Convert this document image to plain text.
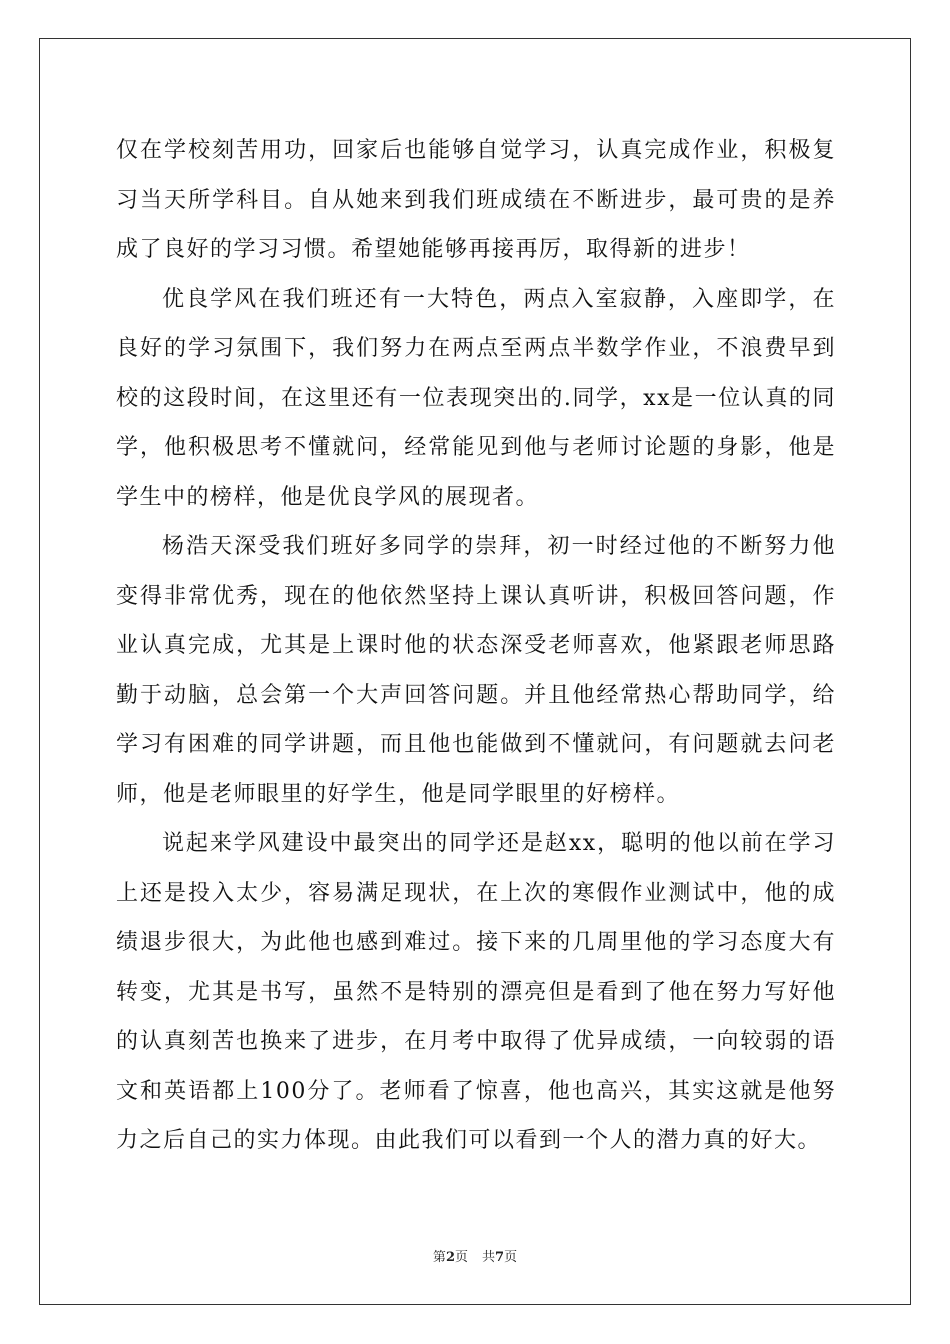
仅在学校刻苦用功，回家后也能够自觉学习，认真完成作业，积极复习当天所学科目。自从她来到我们班成绩在不断进步，最可贵的是养成了良好的学习习惯。希望她能够再接再厉，取得新的进步！

优良学风在我们班还有一大特色，两点入室寂静，入座即学，在良好的学习氛围下，我们努力在两点至两点半数学作业，不浪费早到校的这段时间，在这里还有一位表现突出的.同学，xx是一位认真的同学，他积极思考不懂就问，经常能见到他与老师讨论题的身影，他是学生中的榜样，他是优良学风的展现者。

杨浩天深受我们班好多同学的崇拜，初一时经过他的不断努力他变得非常优秀，现在的他依然坚持上课认真听讲，积极回答问题，作业认真完成，尤其是上课时他的状态深受老师喜欢，他紧跟老师思路勤于动脑，总会第一个大声回答问题。并且他经常热心帮助同学，给学习有困难的同学讲题，而且他也能做到不懂就问，有问题就去问老师，他是老师眼里的好学生，他是同学眼里的好榜样。

说起来学风建设中最突出的同学还是赵xx，聪明的他以前在学习上还是投入太少，容易满足现状，在上次的寒假作业测试中，他的成绩退步很大，为此他也感到难过。接下来的几周里他的学习态度大有转变，尤其是书写，虽然不是特别的漂亮但是看到了他在努力写好他的认真刻苦也换来了进步，在月考中取得了优异成绩，一向较弱的语文和英语都上100分了。老师看了惊喜，他也高兴，其实这就是他努力之后自己的实力体现。由此我们可以看到一个人的潜力真的好大。

第2页 共7页
